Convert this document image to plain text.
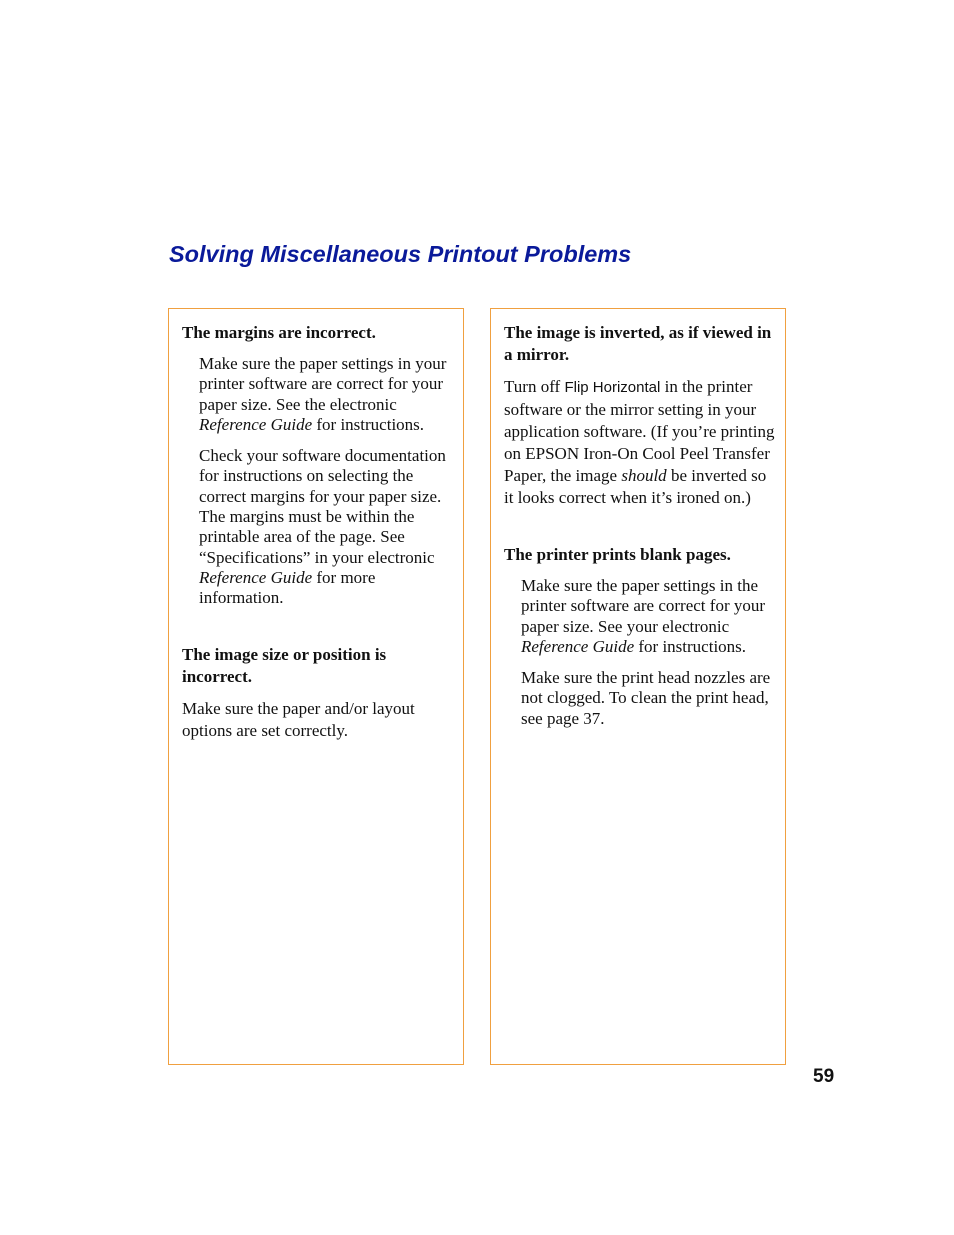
Solving Miscellaneous Printout Problems
The margins are incorrect.
Make sure the paper settings in your printer software are correct for your paper size. See the electronic Reference Guide for instructions.
Check your software documentation for instructions on selecting the correct margins for your paper size. The margins must be within the printable area of the page. See “Specifications” in your electronic Reference Guide for more information.
The image size or position is incorrect.
Make sure the paper and/or layout options are set correctly.
The image is inverted, as if viewed in a mirror.
Turn off Flip Horizontal in the printer software or the mirror setting in your application software. (If you’re printing on EPSON Iron-On Cool Peel Transfer Paper, the image should be inverted so it looks correct when it’s ironed on.)
The printer prints blank pages.
Make sure the paper settings in the printer software are correct for your paper size. See your electronic Reference Guide for instructions.
Make sure the print head nozzles are not clogged. To clean the print head, see page 37.
59
